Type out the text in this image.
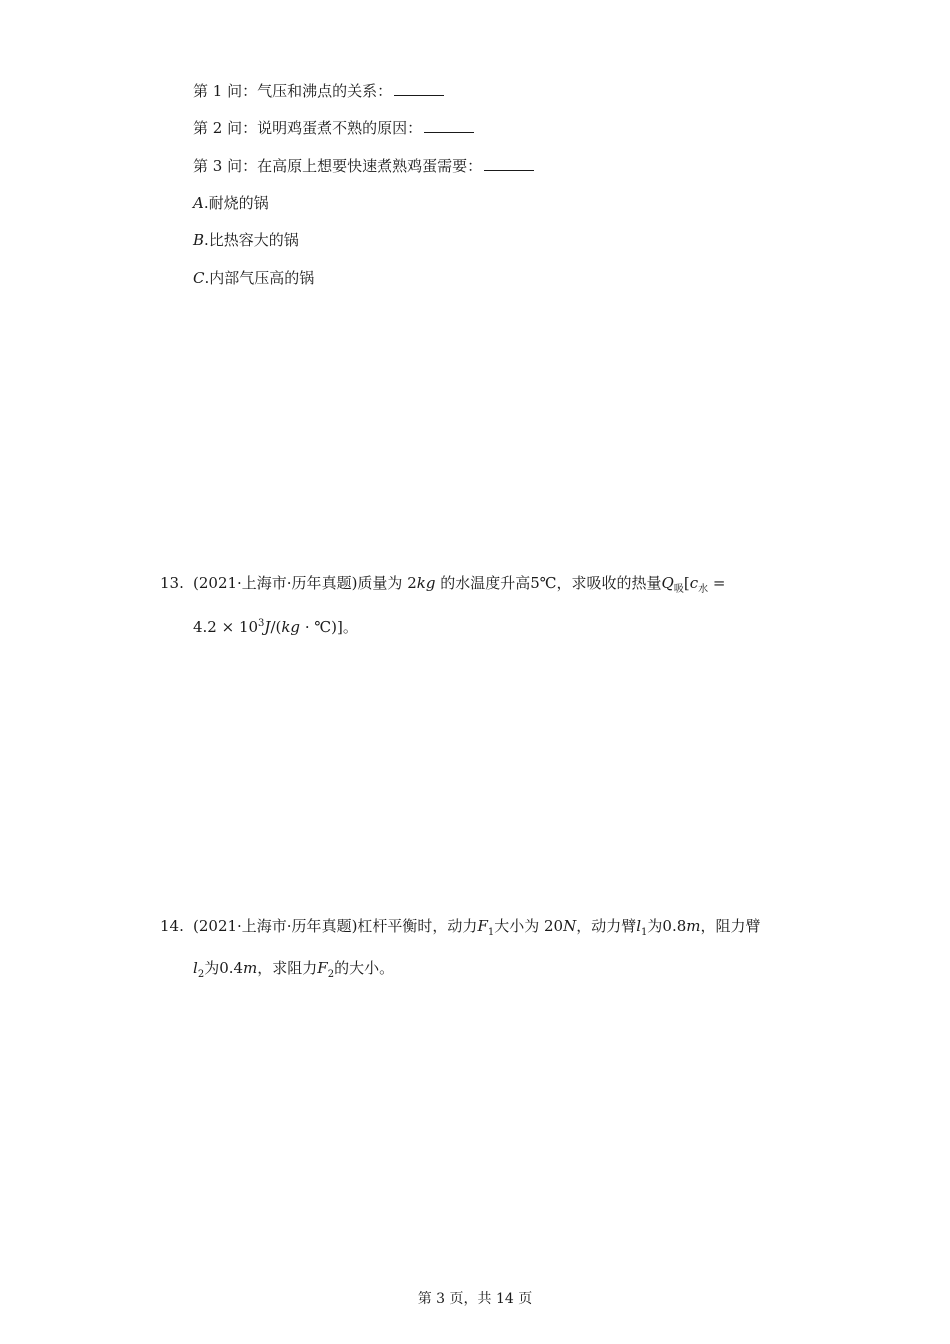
第 1 问：气压和沸点的关系：
第 2 问：说明鸡蛋煮不熟的原因：
第 3 问：在高原上想要快速煮熟鸡蛋需要：
A.耐烧的锅
B.比热容大的锅
C.内部气压高的锅
13. (2021·上海市·历年真题)质量为 2kg 的水温度升高5℃，求吸收的热量$Q_吸[c_水$ =
$4.2 \times 10^3J/(kg$ · ℃)]。
14. (2021·上海市·历年真题)杠杆平衡时，动力$F_1$大小为 20N，动力臂$l_1$为0.8m，阻力臂
$l_2$为0.4m，求阻力$F_2$的大小。
第 3 页，共 14 页
